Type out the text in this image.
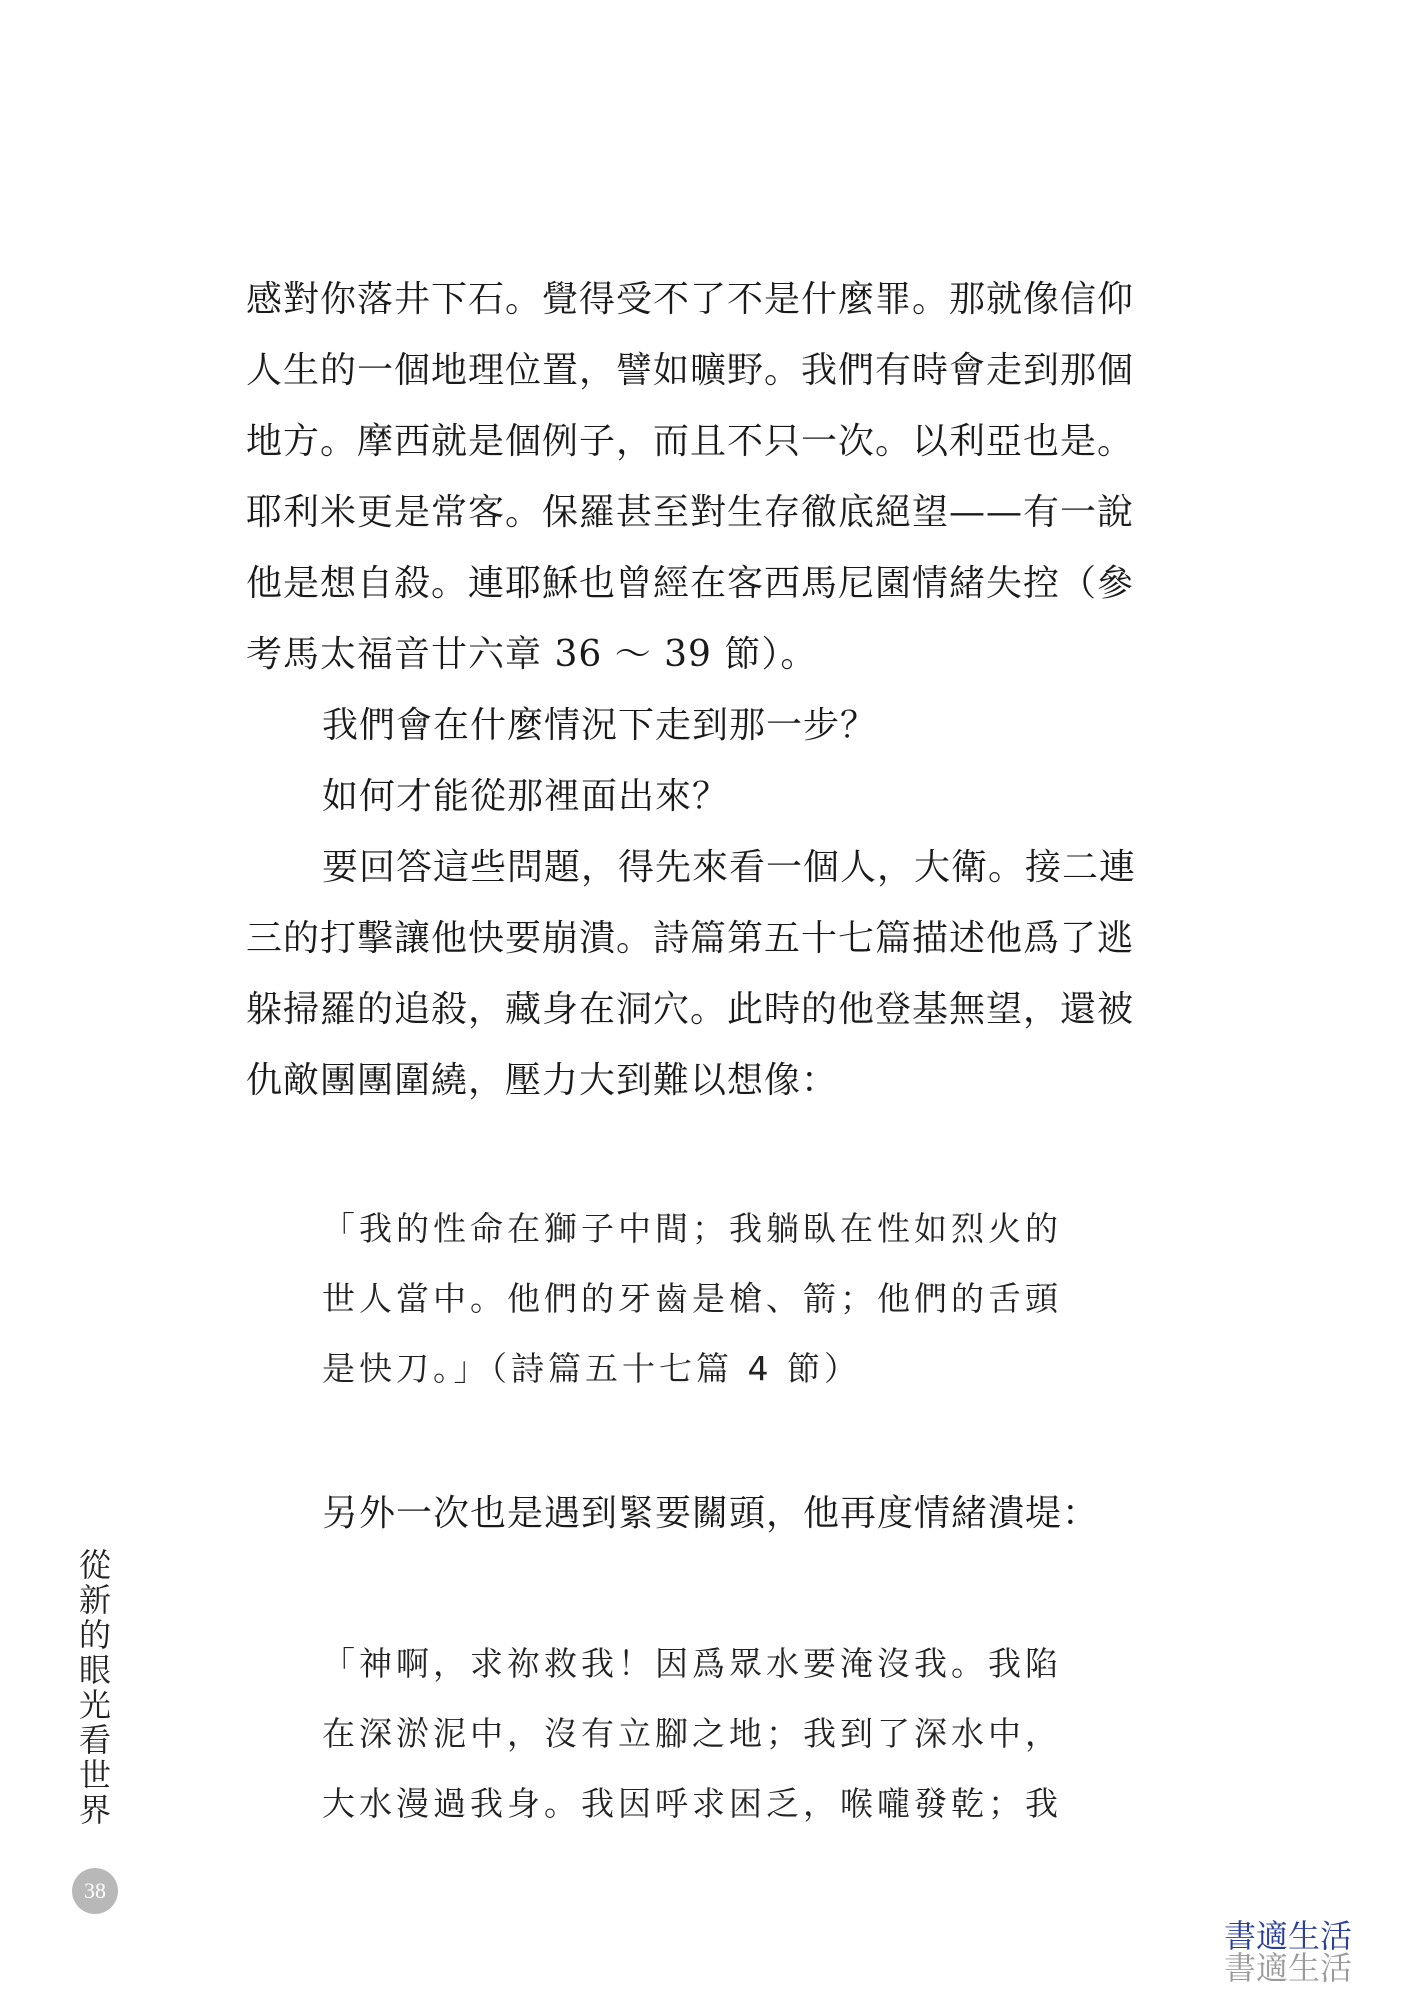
感對你落井下石。覺得受不了不是什麼罪。那就像信仰
人生的一個地理位置，譬如曠野。我們有時會走到那個
地方。摩西就是個例子，而且不只一次。以利亞也是。
耶利米更是常客。保羅甚至對生存徹底絕望——有一說
他是想自殺。連耶穌也曾經在客西馬尼園情緒失控（參
考馬太福音廿六章 36 ～ 39 節）。
我們會在什麼情況下走到那一步？
如何才能從那裡面出來？
要回答這些問題，得先來看一個人，大衛。接二連
三的打擊讓他快要崩潰。詩篇第五十七篇描述他爲了逃
躲掃羅的追殺，藏身在洞穴。此時的他登基無望，還被
仇敵團團圍繞，壓力大到難以想像：
「我的性命在獅子中間；我躺臥在性如烈火的
世人當中。他們的牙齒是槍、箭；他們的舌頭
是快刀。」（詩篇五十七篇 4 節）
另外一次也是遇到緊要關頭，他再度情緒潰堤：
「神啊，求祢救我！因爲眾水要淹沒我。我陷
在深淤泥中，沒有立腳之地；我到了深水中，
大水漫過我身。我因呼求困乏，喉嚨發乾；我
從新的眼光看世界
38
書適生活
書適生活
